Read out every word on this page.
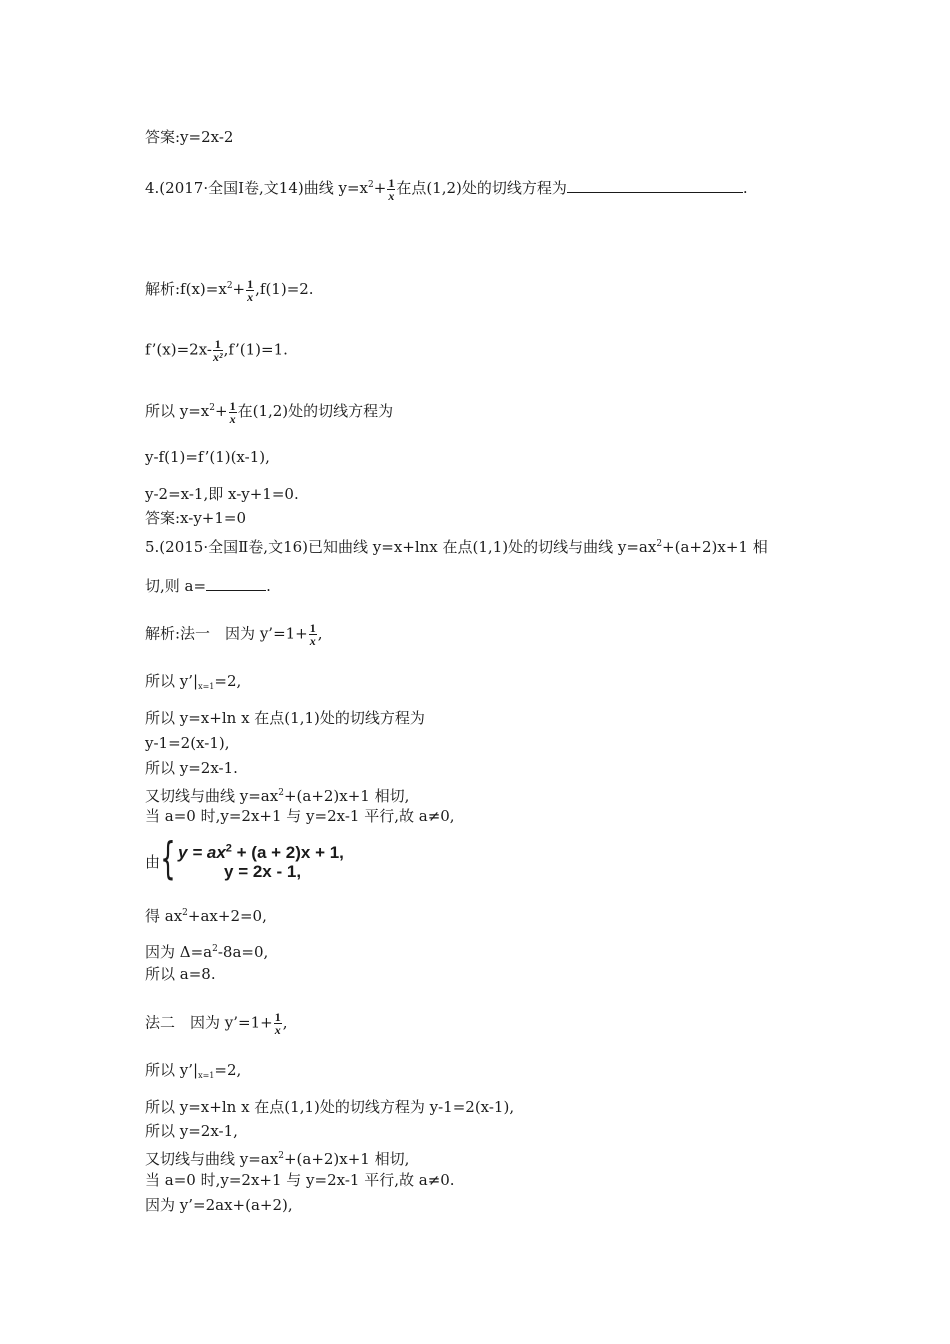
答案:y=2x-2
4.(2017·全国Ⅰ卷,文14)曲线 $y=x^2+ \frac{1}{x}$ 在点(1,2)处的切线方程为	.
解析$:f(x)=x^2+ \frac{1}{x} ,f(1)=2$.
f’(x)=2x- $\frac{1}{\text{x²}}$ ,f’(1)=1.
所以 $y=x^2+ \frac{1}{x}$ 在(1,2)处的切线方程为
y-f(1)=f’(1)(x-1),
y-2=x-1,即 x-y+1=0.
答案:x-y+1=0
5.(2015·全国Ⅱ卷,文16)已知曲线 y=x+lnx 在点(1,1)处的切线与曲线 $y=ax^2+(a+2)x+1$ 相
切,则 a=	.
解析:法一　因为 y’=1+ $\frac{1}{x}$ ,
所以 $y’|_{x=1}=2$,
所以 y=x+ln x 在点(1,1)处的切线方程为
y-1=2(x-1),
所以 y=2x-1.
又切线与曲线 $y=ax^2+(a+2)x+1$ 相切,
当 a=0 时,y=2x+1 与 y=2x-1 平行,故 a≠0,
由 { $y = ax^2 + (a + 2)x + 1$,
y = 2x - 1,
得 $ax^2+ax+2=0$,
因为 $\Delta=a^2-8a=0$,
所以 a=8.
法二　因为 y’=1+ $\frac{1}{x}$ ,
所以 $y’|_{x=1}=2$,
所以 y=x+ln x 在点(1,1)处的切线方程为 y-1=2(x-1),
所以 y=2x-1,
又切线与曲线 $y=ax^2+(a+2)x+1$ 相切,
当 a=0 时,y=2x+1 与 y=2x-1 平行,故 a≠0.
因为 y’=2ax+(a+2),
